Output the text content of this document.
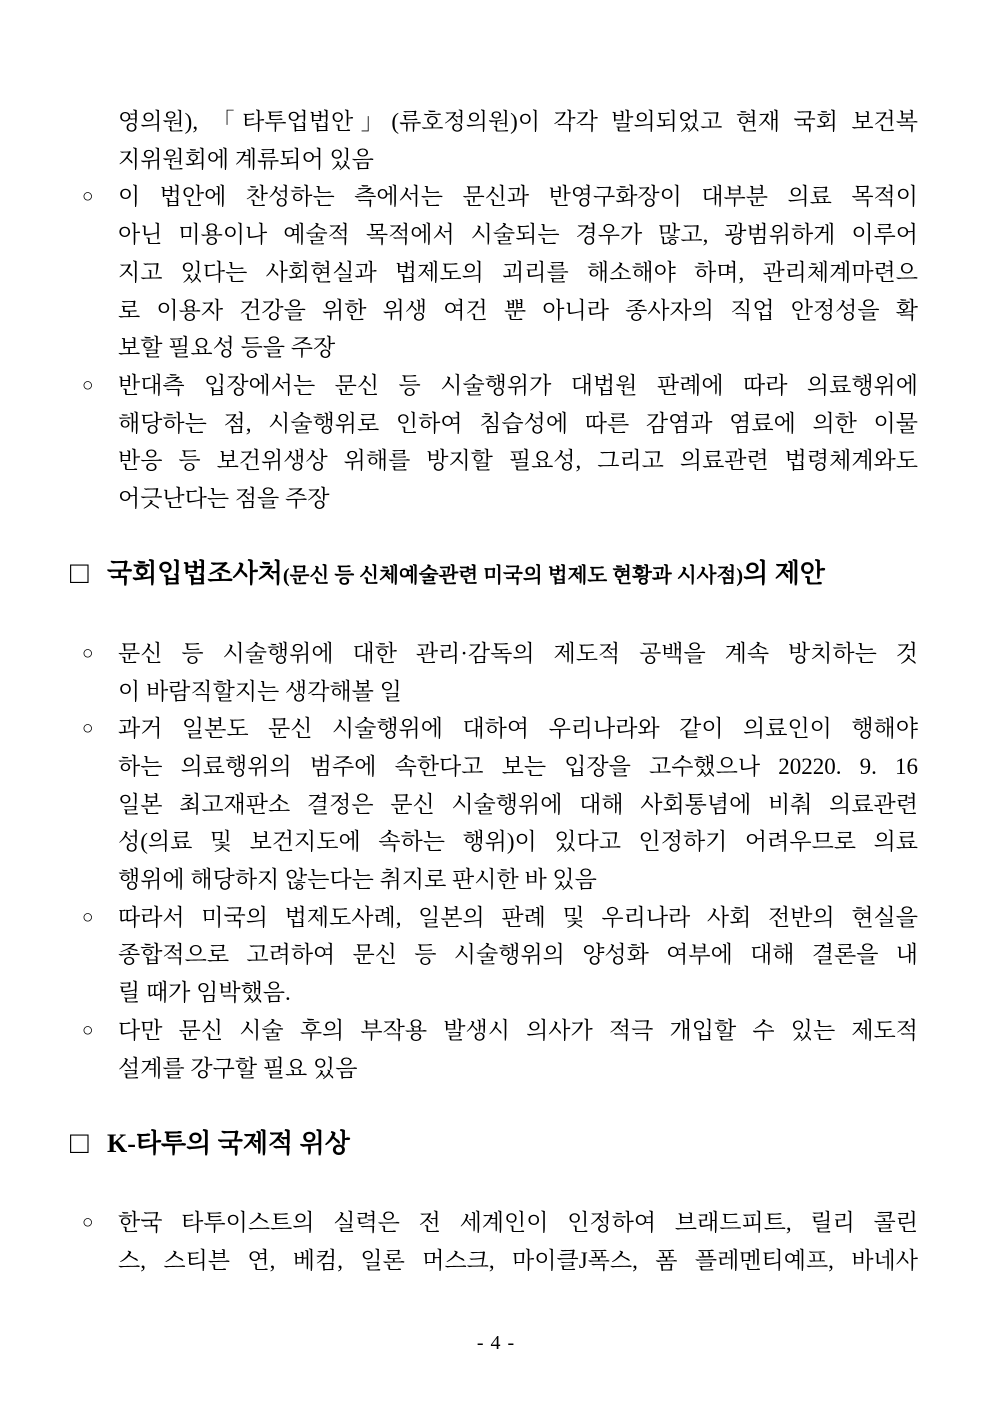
영의원), 「타투업법안」(류호정의원)이 각각 발의되었고 현재 국회 보건복
지위원회에 계류되어 있음
○ 이 법안에 찬성하는 측에서는 문신과 반영구화장이 대부분 의료 목적이
아닌 미용이나 예술적 목적에서 시술되는 경우가 많고, 광범위하게 이루어
지고 있다는 사회현실과 법제도의 괴리를 해소해야 하며, 관리체계마련으
로 이용자 건강을 위한 위생 여건 뿐 아니라 종사자의 직업 안정성을 확
보할 필요성 등을 주장
○ 반대측 입장에서는 문신 등 시술행위가 대법원 판례에 따라 의료행위에
해당하는 점, 시술행위로 인하여 침습성에 따른 감염과 염료에 의한 이물
반응 등 보건위생상 위해를 방지할 필요성, 그리고 의료관련 법령체계와도
어긋난다는 점을 주장
□ 국회입법조사처(문신 등 신체예술관련 미국의 법제도 현황과 시사점)의 제안
○ 문신 등 시술행위에 대한 관리·감독의 제도적 공백을 계속 방치하는 것
이 바람직할지는 생각해볼 일
○ 과거 일본도 문신 시술행위에 대하여 우리나라와 같이 의료인이 행해야
하는 의료행위의 범주에 속한다고 보는 입장을 고수했으나 20220. 9. 16
일본 최고재판소 결정은 문신 시술행위에 대해 사회통념에 비춰 의료관련
성(의료 및 보건지도에 속하는 행위)이 있다고 인정하기 어려우므로 의료
행위에 해당하지 않는다는 취지로 판시한 바 있음
○ 따라서 미국의 법제도사례, 일본의 판례 및 우리나라 사회 전반의 현실을
종합적으로 고려하여 문신 등 시술행위의 양성화 여부에 대해 결론을 내
릴 때가 임박했음.
○ 다만 문신 시술 후의 부작용 발생시 의사가 적극 개입할 수 있는 제도적
설계를 강구할 필요 있음
□ K-타투의 국제적 위상
○ 한국 타투이스트의 실력은 전 세계인이 인정하여 브래드피트, 릴리 콜린
스, 스티븐 연, 베컴, 일론 머스크, 마이클J폭스, 폼 플레멘티예프, 바네사
- 4 -
